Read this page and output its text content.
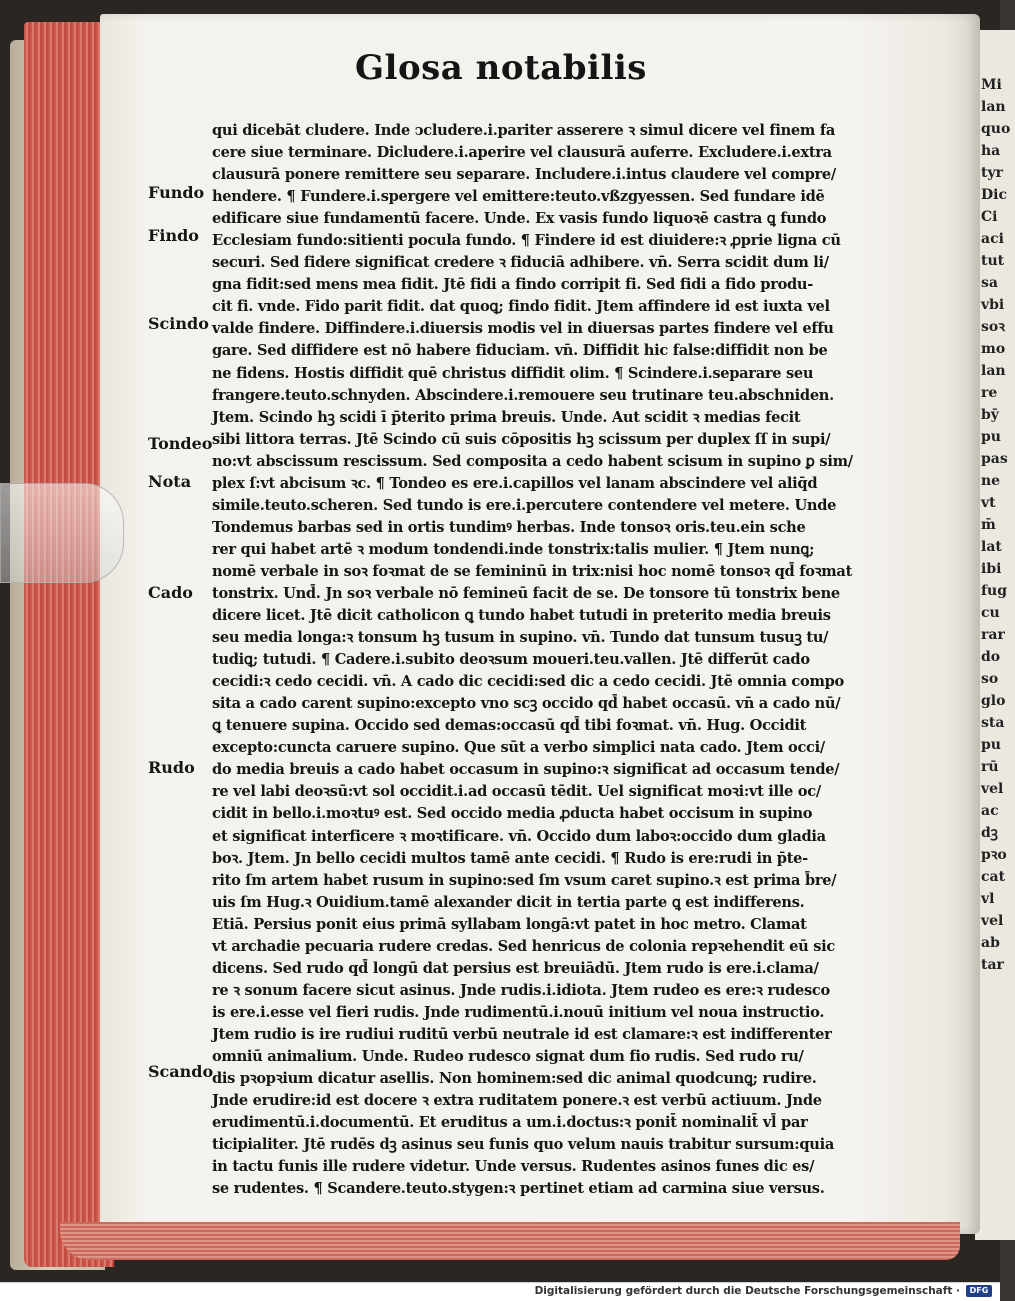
Mi
lan
quo
ha
tyr
Dic
Ci
aci
tut
sa
vbi
soꝛ
mo
lan
re
bȳ
pu
pas
ne
vt
m̄
lat
ibi
fug
cu
rar
do
so
glo
sta
pu
rū
vel
ac
dꝫ
pꝛo
cat
vl
vel
ab
tar
Glosa notabilis
qui dicebāt cludere. Inde ↄcludere.i.pariter asserere ꝛ simul dicere vel finem fa
cere siue terminare. Dicludere.i.aperire vel clausurā auferre. Excludere.i.extra
clausurā ponere remittere seu separare. Includere.i.intus claudere vel compre/
hendere. ¶ Fundere.i.spergere vel emittere:teuto.vßzgyessen. Sed fundare idē
edificare siue fundamentū facere. Unde. Ex vasis fundo liquoꝛē castra ꝗ fundo
Ecclesiam fundo:sitienti pocula fundo. ¶ Findere id est diuidere:ꝛ ꝓprie ligna cū
securi. Sed fidere significat credere ꝛ fiduciā adhibere. vn̄. Serra scidit dum li/
gna fidit:sed mens mea fidit. Jtē fidi a findo corripit fi. Sed fidi a fido produ-
cit fi. vnde. Fido parit fidit. dat quoꝗ; findo fidit. Jtem affindere id est iuxta vel
valde findere. Diffindere.i.diuersis modis vel in diuersas partes findere vel effu
gare. Sed diffidere est nō habere fiduciam. vn̄. Diffidit hic false:diffidit non be
ne fidens. Hostis diffidit quē christus diffidit olim. ¶ Scindere.i.separare seu
frangere.teuto.schnyden. Abscindere.i.remouere seu trutinare teu.abschniden.
Jtem. Scindo hꝫ scidi ī p̄terito prima breuis. Unde. Aut scidit ꝛ medias fecit
sibi littora terras. Jtē Scindo cū suis cōpositis hꝫ scissum per duplex ſſ in supi/
no:vt abscissum rescissum. Sed composita a cedo habent scisum in supino ꝑ sim/
plex ſ:vt abcisum ꝛc. ¶ Tondeo es ere.i.capillos vel lanam abscindere vel aliq̄d
simile.teuto.scheren. Sed tundo is ere.i.percutere contendere vel metere. Unde
Tondemus barbas sed in ortis tundimꝰ herbas. Inde tonsoꝛ oris.teu.ein sche
rer qui habet artē ꝛ modum tondendi.inde tonstrix:talis mulier. ¶ Jtem nunꝗ;
nomē verbale in soꝛ foꝛmat de se femininū in trix:nisi hoc nomē tonsoꝛ qd̄ foꝛmat
tonstrix. Und̄. Jn soꝛ verbale nō femineū facit de se. De tonsore tū tonstrix bene
dicere licet. Jtē dicit catholicon ꝗ tundo habet tutudi in preterito media breuis
seu media longa:ꝛ tonsum hꝫ tusum in supino. vn̄. Tundo dat tunsum tusuꝫ tu/
tudiꝗ; tutudi. ¶ Cadere.i.subito deoꝛsum moueri.teu.vallen. Jtē differūt cado
cecidi:ꝛ cedo cecidi. vn̄. A cado dic cecidi:sed dic a cedo cecidi. Jtē omnia compo
sita a cado carent supino:excepto vno scꝫ occido qd̄ habet occasū. vn̄ a cado nū/
ꝗ tenuere supina. Occido sed demas:occasū qd̄ tibi foꝛmat. vn̄. Hug. Occidit
excepto:cuncta caruere supino. Que sūt a verbo simplici nata cado. Jtem occi/
do media breuis a cado habet occasum in supino:ꝛ significat ad occasum tende/
re vel labi deoꝛsū:vt sol occidit.i.ad occasū tēdit. Uel significat moꝛi:vt ille oc/
cidit in bello.i.moꝛtuꝰ est. Sed occido media ꝓducta habet occisum in supino
et significat interficere ꝛ moꝛtificare. vn̄. Occido dum laboꝛ:occido dum gladia
boꝛ. Jtem. Jn bello cecidi multos tamē ante cecidi. ¶ Rudo is ere:rudi in p̄te-
rito ſm artem habet rusum in supino:sed ſm vsum caret supino.ꝛ est prima b̄re/
uis ſm Hug.ꝛ Ouidium.tamē alexander dicit in tertia parte ꝗ est indifferens.
Etiā. Persius ponit eius primā syllabam longā:vt patet in hoc metro. Clamat
vt archadie pecuaria rudere credas. Sed henricus de colonia repꝛehendit eū sic
dicens. Sed rudo qd̄ longū dat persius est breuiādū. Jtem rudo is ere.i.clama/
re ꝛ sonum facere sicut asinus. Jnde rudis.i.idiota. Jtem rudeo es ere:ꝛ rudesco
is ere.i.esse vel fieri rudis. Jnde rudimentū.i.nouū initium vel noua instructio.
Jtem rudio is ire rudiui ruditū verbū neutrale id est clamare:ꝛ est indifferenter
omniū animalium. Unde. Rudeo rudesco signat dum fio rudis. Sed rudo ru/
dis pꝛopꝛium dicatur asellis. Non hominem:sed dic animal quodcunꝗ; rudire.
Jnde erudire:id est docere ꝛ extra ruditatem ponere.ꝛ est verbū actiuum. Jnde
erudimentū.i.documentū. Et eruditus a um.i.doctus:ꝛ ponit̄ nominalit̄ vl̄ par
ticipialiter. Jtē rudēs dꝫ asinus seu funis quo velum nauis trabitur sursum:quia
in tactu funis ille rudere videtur. Unde versus. Rudentes asinos funes dic es/
se rudentes. ¶ Scandere.teuto.stygen:ꝛ pertinet etiam ad carmina siue versus.
Fundo
Findo
Scindo
Tondeo
Nota
Cado
Rudo
Scando
Digitalisierung gefördert durch die Deutsche Forschungsgemeinschaft ·	DFG
